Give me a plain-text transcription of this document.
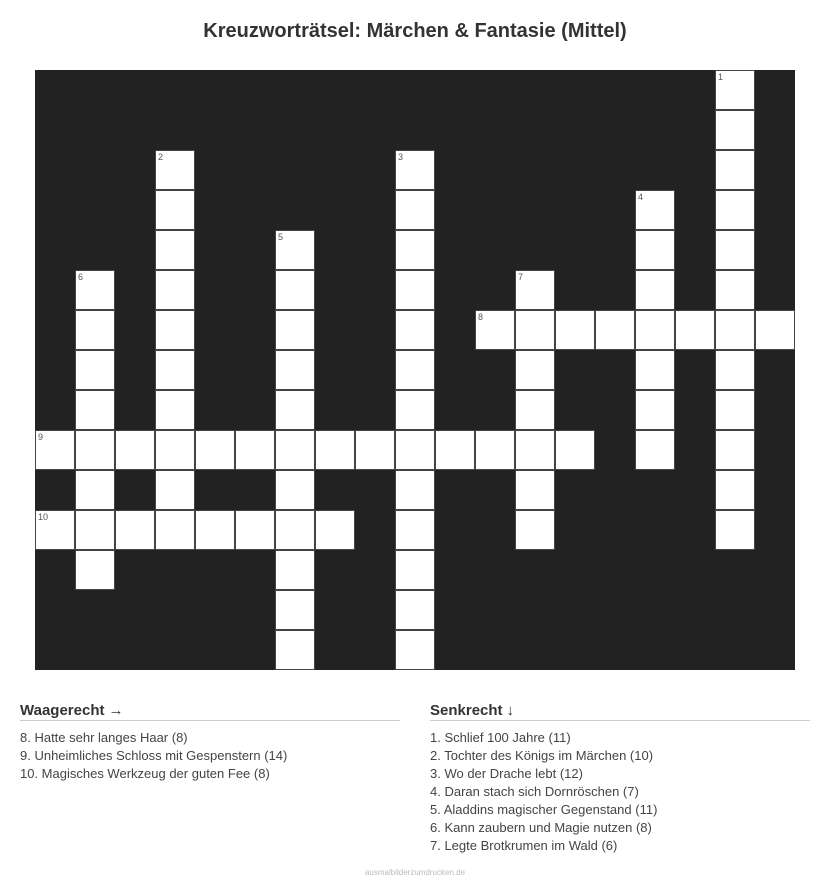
Kreuzworträtsel: Märchen & Fantasie (Mittel)
1
2	3
4
5
6	7
8
9
10
Waagerecht →
8. Hatte sehr langes Haar (8)
9. Unheimliches Schloss mit Gespenstern (14)
10. Magisches Werkzeug der guten Fee (8)
Senkrecht ↓
1. Schlief 100 Jahre (11)
2. Tochter des Königs im Märchen (10)
3. Wo der Drache lebt (12)
4. Daran stach sich Dornröschen (7)
5. Aladdins magischer Gegenstand (11)
6. Kann zaubern und Magie nutzen (8)
7. Legte Brotkrumen im Wald (6)
ausmalbilderzumdrucken.de
